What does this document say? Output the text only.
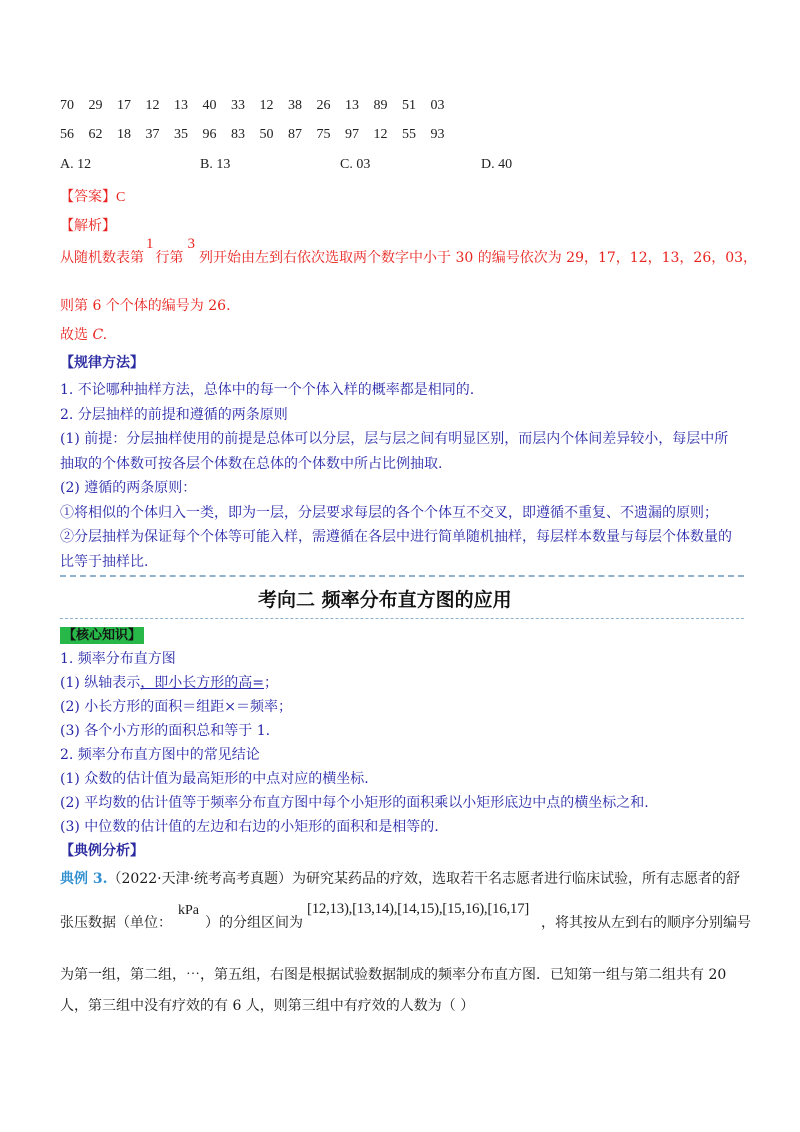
70 29 17 12 13 40 33 12 38 26 13 89 51 03
56 62 18 37 35 96 83 50 87 75 97 12 55 93
A. 12	B. 13	C. 03	D. 40
【答案】C
【解析】
从随机数表第1行第3列开始由左到右依次选取两个数字中小于 30 的编号依次为 29，17，12，13，26，03，
则第 6 个个体的编号为 26.
故选 C.
【规律方法】
1. 不论哪种抽样方法，总体中的每一个个体入样的概率都是相同的.
2. 分层抽样的前提和遵循的两条原则
(1) 前提：分层抽样使用的前提是总体可以分层，层与层之间有明显区别，而层内个体间差异较小，每层中所
抽取的个体数可按各层个体数在总体的个体数中所占比例抽取.
(2) 遵循的两条原则：
①将相似的个体归入一类，即为一层，分层要求每层的各个个体互不交叉，即遵循不重复、不遗漏的原则；
②分层抽样为保证每个个体等可能入样，需遵循在各层中进行简单随机抽样，每层样本数量与每层个体数量的
比等于抽样比.
考向二 频率分布直方图的应用
【核心知识】
1. 频率分布直方图
(1) 纵轴表示，即小长方形的高=；
(2) 小长方形的面积＝组距×＝频率；
(3) 各个小方形的面积总和等于 1.
2. 频率分布直方图中的常见结论
(1) 众数的估计值为最高矩形的中点对应的横坐标.
(2) 平均数的估计值等于频率分布直方图中每个小矩形的面积乘以小矩形底边中点的横坐标之和.
(3) 中位数的估计值的左边和右边的小矩形的面积和是相等的.
【典例分析】
典例 3.（2022·天津·统考高考真题）为研究某药品的疗效，选取若干名志愿者进行临床试验，所有志愿者的舒
张压数据（单位：kPa）的分组区间为[12,13),[13,14),[14,15),[15,16),[16,17]，将其按从左到右的顺序分别编号
为第一组，第二组，⋯，第五组，右图是根据试验数据制成的频率分布直方图．已知第一组与第二组共有 20
人，第三组中没有疗效的有 6 人，则第三组中有疗效的人数为（ ）
